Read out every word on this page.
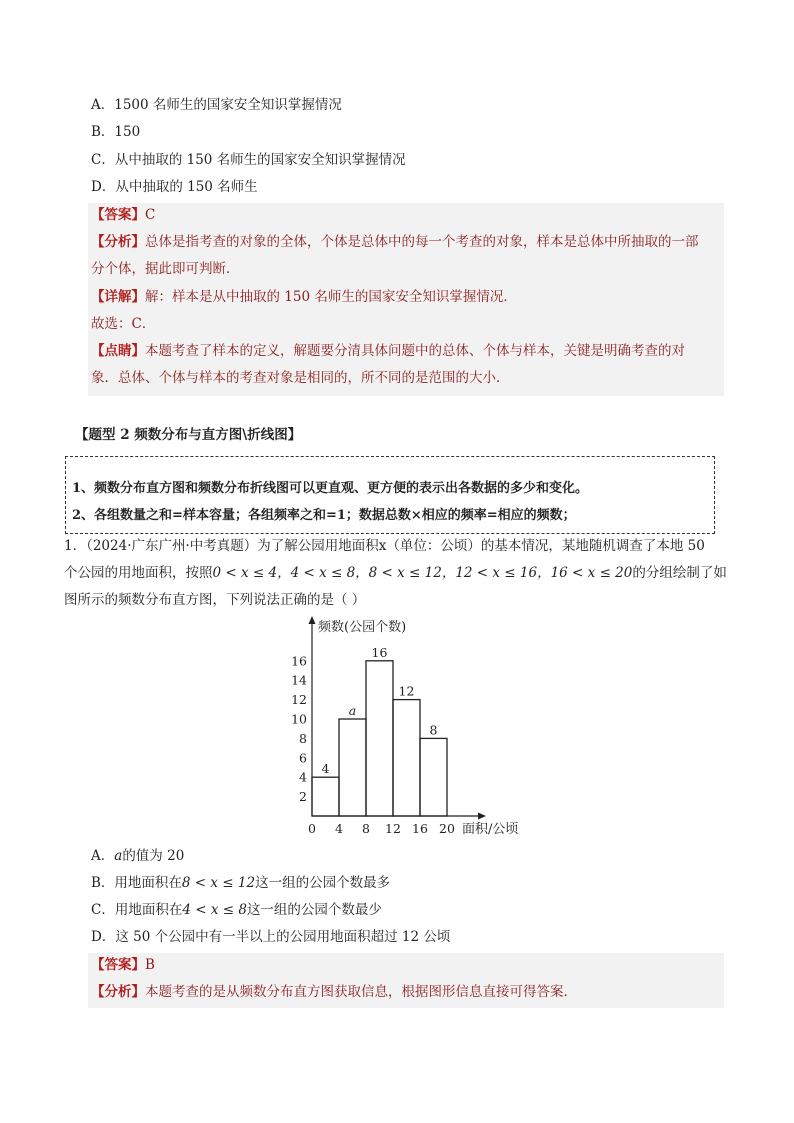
A．1500 名师生的国家安全知识掌握情况
B．150
C．从中抽取的 150 名师生的国家安全知识掌握情况
D．从中抽取的 150 名师生
【答案】C
【分析】总体是指考查的对象的全体，个体是总体中的每一个考查的对象，样本是总体中所抽取的一部
分个体，据此即可判断．
【详解】解：样本是从中抽取的 150 名师生的国家安全知识掌握情况．
故选：C．
【点睛】本题考查了样本的定义，解题要分清具体问题中的总体、个体与样本，关键是明确考查的对
象．总体、个体与样本的考查对象是相同的，所不同的是范围的大小．
【题型 2 频数分布与直方图\折线图】
1、频数分布直方图和频数分布折线图可以更直观、更方便的表示出各数据的多少和变化。
2、各组数量之和=样本容量；各组频率之和=1；数据总数×相应的频率=相应的频数；
1．（2024·广东广州·中考真题）为了解公园用地面积x（单位：公顷）的基本情况，某地随机调查了本地 50
个公园的用地面积，按照0 < x ≤ 4，4 < x ≤ 8，8 < x ≤ 12，12 < x ≤ 16，16 < x ≤ 20的分组绘制了如
图所示的频数分布直方图，下列说法正确的是（ ）
2
4
6
8
10
12
14
16
0 4 8 12 16 20
4
a
16
12
8
频数(公园个数)
面积/公顷
A．a的值为 20
B．用地面积在8 < x ≤ 12这一组的公园个数最多
C．用地面积在4 < x ≤ 8这一组的公园个数最少
D．这 50 个公园中有一半以上的公园用地面积超过 12 公顷
【答案】B
【分析】本题考查的是从频数分布直方图获取信息，根据图形信息直接可得答案．
